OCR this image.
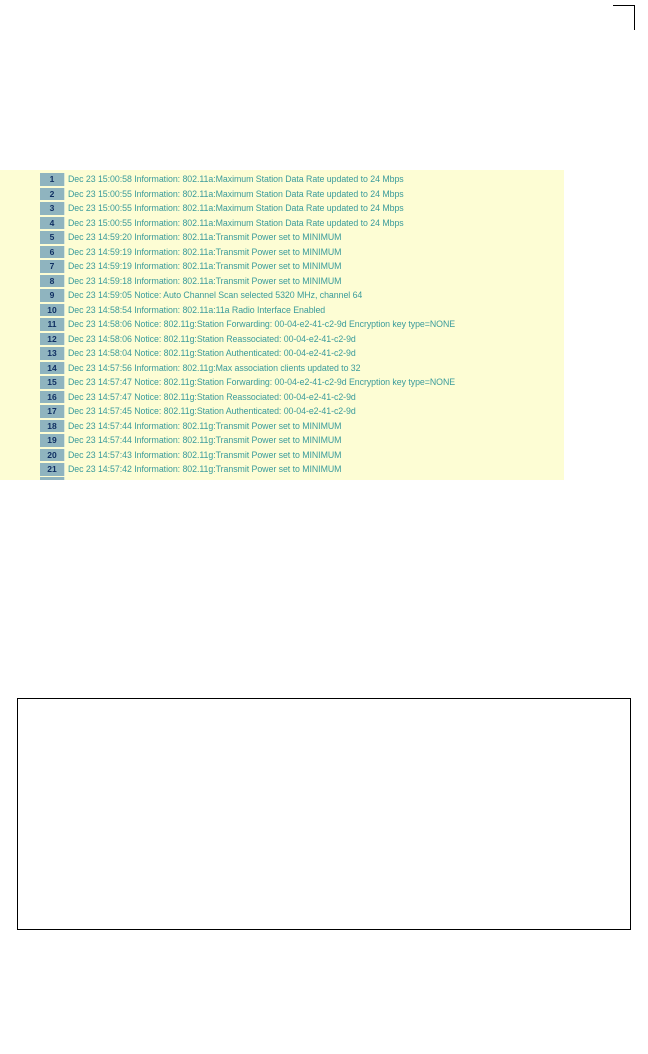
1	Dec 23 15:00:58 Information: 802.11a:Maximum Station Data Rate updated to 24 Mbps
2	Dec 23 15:00:55 Information: 802.11a:Maximum Station Data Rate updated to 24 Mbps
3	Dec 23 15:00:55 Information: 802.11a:Maximum Station Data Rate updated to 24 Mbps
4	Dec 23 15:00:55 Information: 802.11a:Maximum Station Data Rate updated to 24 Mbps
5	Dec 23 14:59:20 Information: 802.11a:Transmit Power set to MINIMUM
6	Dec 23 14:59:19 Information: 802.11a:Transmit Power set to MINIMUM
7	Dec 23 14:59:19 Information: 802.11a:Transmit Power set to MINIMUM
8	Dec 23 14:59:18 Information: 802.11a:Transmit Power set to MINIMUM
9	Dec 23 14:59:05 Notice: Auto Channel Scan selected 5320 MHz, channel 64
10	Dec 23 14:58:54 Information: 802.11a:11a Radio Interface Enabled
11	Dec 23 14:58:06 Notice: 802.11g:Station Forwarding: 00-04-e2-41-c2-9d Encryption key type=NONE
12	Dec 23 14:58:06 Notice: 802.11g:Station Reassociated: 00-04-e2-41-c2-9d
13	Dec 23 14:58:04 Notice: 802.11g:Station Authenticated: 00-04-e2-41-c2-9d
14	Dec 23 14:57:56 Information: 802.11g:Max association clients updated to 32
15	Dec 23 14:57:47 Notice: 802.11g:Station Forwarding: 00-04-e2-41-c2-9d Encryption key type=NONE
16	Dec 23 14:57:47 Notice: 802.11g:Station Reassociated: 00-04-e2-41-c2-9d
17	Dec 23 14:57:45 Notice: 802.11g:Station Authenticated: 00-04-e2-41-c2-9d
18	Dec 23 14:57:44 Information: 802.11g:Transmit Power set to MINIMUM
19	Dec 23 14:57:44 Information: 802.11g:Transmit Power set to MINIMUM
20	Dec 23 14:57:43 Information: 802.11g:Transmit Power set to MINIMUM
21	Dec 23 14:57:42 Information: 802.11g:Transmit Power set to MINIMUM
